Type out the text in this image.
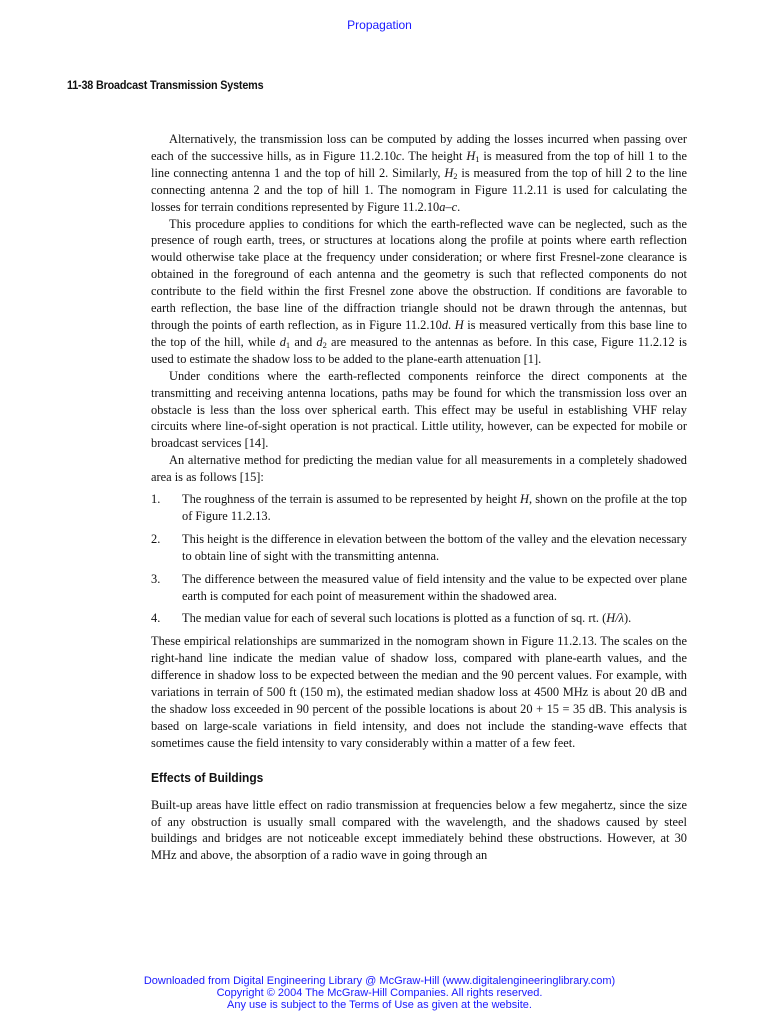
Propagation
11-38 Broadcast Transmission Systems

Alternatively, the transmission loss can be computed by adding the losses incurred when passing over each of the successive hills, as in Figure 11.2.10c. The height $H_1$ is measured from the top of hill 1 to the line connecting antenna 1 and the top of hill 2. Similarly, $H_2$ is measured from the top of hill 2 to the line connecting antenna 2 and the top of hill 1. The nomogram in Figure 11.2.11 is used for calculating the losses for terrain conditions represented by Figure 11.2.10a–c.

This procedure applies to conditions for which the earth-reflected wave can be neglected, such as the presence of rough earth, trees, or structures at locations along the profile at points where earth reflection would otherwise take place at the frequency under consideration; or where first Fresnel-zone clearance is obtained in the foreground of each antenna and the geometry is such that reflected components do not contribute to the field within the first Fresnel zone above the obstruction. If conditions are favorable to earth reflection, the base line of the diffraction triangle should not be drawn through the antennas, but through the points of earth reflection, as in Figure 11.2.10d. H is measured vertically from this base line to the top of the hill, while $d_1$ and $d_2$ are measured to the antennas as before. In this case, Figure 11.2.12 is used to estimate the shadow loss to be added to the plane-earth attenuation [1].

Under conditions where the earth-reflected components reinforce the direct components at the transmitting and receiving antenna locations, paths may be found for which the transmission loss over an obstacle is less than the loss over spherical earth. This effect may be useful in establishing VHF relay circuits where line-of-sight operation is not practical. Little utility, however, can be expected for mobile or broadcast services [14].

An alternative method for predicting the median value for all measurements in a completely shadowed area is as follows [15]:

1. The roughness of the terrain is assumed to be represented by height H, shown on the profile at the top of Figure 11.2.13.
2. This height is the difference in elevation between the bottom of the valley and the elevation necessary to obtain line of sight with the transmitting antenna.
3. The difference between the measured value of field intensity and the value to be expected over plane earth is computed for each point of measurement within the shadowed area.
4. The median value for each of several such locations is plotted as a function of sq. rt. (H/λ).

These empirical relationships are summarized in the nomogram shown in Figure 11.2.13. The scales on the right-hand line indicate the median value of shadow loss, compared with plane-earth values, and the difference in shadow loss to be expected between the median and the 90 percent values. For example, with variations in terrain of 500 ft (150 m), the estimated median shadow loss at 4500 MHz is about 20 dB and the shadow loss exceeded in 90 percent of the possible locations is about 20 + 15 = 35 dB. This analysis is based on large-scale variations in field intensity, and does not include the standing-wave effects that sometimes cause the field intensity to vary considerably within a matter of a few feet.

Effects of Buildings

Built-up areas have little effect on radio transmission at frequencies below a few megahertz, since the size of any obstruction is usually small compared with the wavelength, and the shadows caused by steel buildings and bridges are not noticeable except immediately behind these obstructions. However, at 30 MHz and above, the absorption of a radio wave in going through an

Downloaded from Digital Engineering Library @ McGraw-Hill (www.digitalengineeringlibrary.com)
Copyright © 2004 The McGraw-Hill Companies. All rights reserved.
Any use is subject to the Terms of Use as given at the website.
